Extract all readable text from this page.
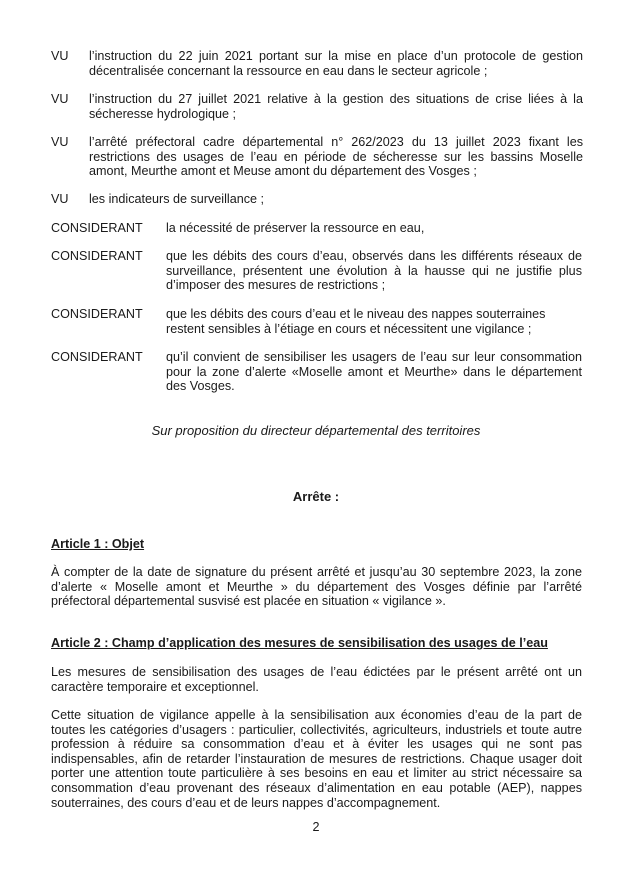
VU l’instruction du 22 juin 2021 portant sur la mise en place d’un protocole de gestion décentralisée concernant la ressource en eau dans le secteur agricole ;
VU l’instruction du 27 juillet 2021 relative à la gestion des situations de crise liées à la sécheresse hydrologique ;
VU l’arrêté préfectoral cadre départemental n° 262/2023 du 13 juillet 2023 fixant les restrictions des usages de l’eau en période de sécheresse sur les bassins Moselle amont, Meurthe amont et Meuse amont du département des Vosges ;
VU les indicateurs de surveillance ;
CONSIDERANT la nécessité de préserver la ressource en eau,
CONSIDERANT que les débits des cours d’eau, observés dans les différents réseaux de surveillance, présentent une évolution à la hausse qui ne justifie plus d’imposer des mesures de restrictions ;
CONSIDERANT que les débits des cours d’eau et le niveau des nappes souterraines restent sensibles à l’étiage en cours et nécessitent une vigilance ;
CONSIDERANT qu’il convient de sensibiliser les usagers de l’eau sur leur consommation pour la zone d’alerte «Moselle amont et Meurthe» dans le département des Vosges.
Sur proposition du directeur départemental des territoires
Arrête :
Article 1 : Objet
À compter de la date de signature du présent arrêté et jusqu’au 30 septembre 2023, la zone d’alerte « Moselle amont et Meurthe » du département des Vosges définie par l’arrêté préfectoral départemental susvisé est placée en situation « vigilance ».
Article 2 : Champ d’application des mesures de sensibilisation des usages de l’eau
Les mesures de sensibilisation des usages de l’eau édictées par le présent arrêté ont un caractère temporaire et exceptionnel.
Cette situation de vigilance appelle à la sensibilisation aux économies d’eau de la part de toutes les catégories d’usagers : particulier, collectivités, agriculteurs, industriels et toute autre profession à réduire sa consommation d’eau et à éviter les usages qui ne sont pas indispensables, afin de retarder l’instauration de mesures de restrictions. Chaque usager doit porter une attention toute particulière à ses besoins en eau et limiter au strict nécessaire sa consommation d’eau provenant des réseaux d’alimentation en eau potable (AEP), nappes souterraines, des cours d’eau et de leurs nappes d’accompagnement.
2
